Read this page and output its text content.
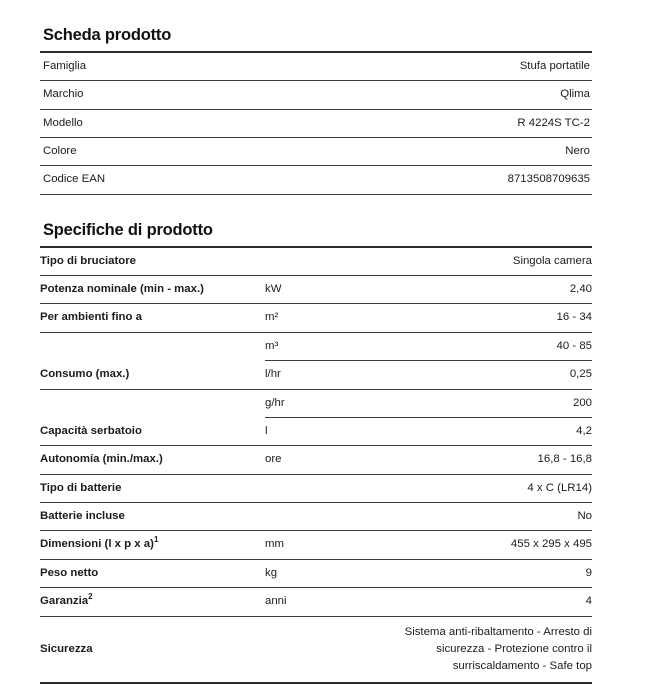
Scheda prodotto
Famiglia	Stufa portatile
Marchio	Qlima
Modello	R 4224S TC-2
Colore	Nero
Codice EAN	8713508709635
Specifiche di prodotto
Tipo di bruciatore		Singola camera
Potenza nominale (min - max.)	kW	2,40
Per ambienti fino a	m²	16 - 34
	m³	40 - 85
Consumo (max.)	l/hr	0,25
	g/hr	200
Capacità serbatoio	l	4,2
Autonomía (min./max.)	ore	16,8 - 16,8
Tipo di batterie		4 x C (LR14)
Batterie incluse		No
Dimensioni (l x p x a)$^1$	mm	455 x 295 x 495
Peso netto	kg	9
Garanzia$^2$	anni	4
Sicurezza		Sistema anti-ribaltamento - Arresto di
sicurezza - Protezione contro il
surriscaldamento - Safe top
